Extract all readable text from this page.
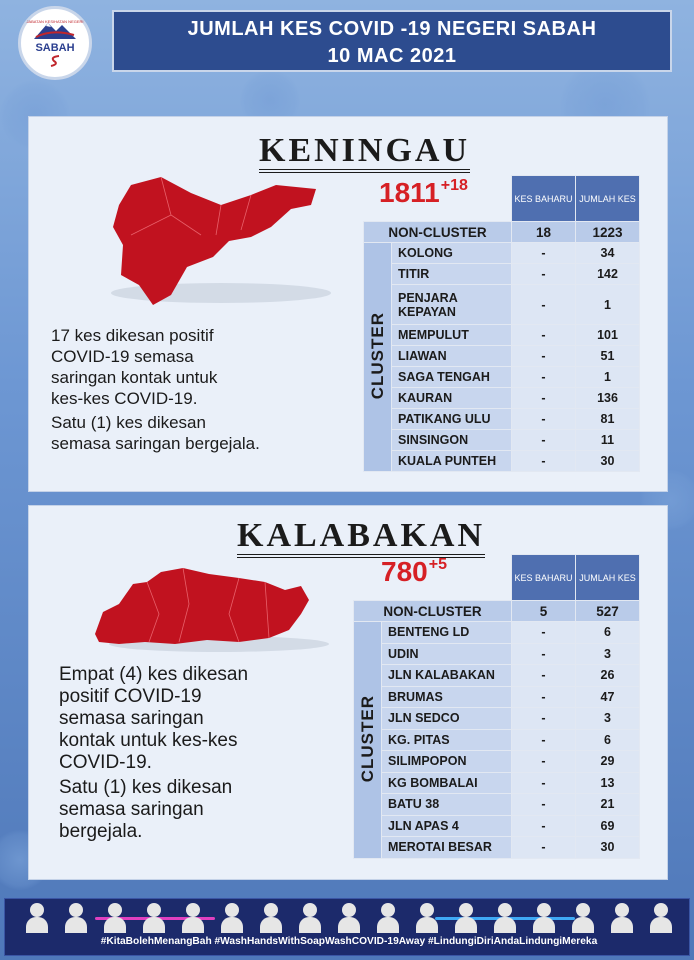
JABATAN KESIHATAN NEGERI
SABAH
JUMLAH KES COVID -19 NEGERI SABAH
10 MAC 2021
KENINGAU
$1811^{+18}$
17 kes dikesan positif
COVID-19 semasa
saringan kontak untuk
kes-kes COVID-19.
Satu (1) kes dikesan
semasa saringan bergejala.
		KES BAHARU	JUMLAH KES
NON-CLUSTER		18	1223
CLUSTER	KOLONG	-	34
	TITIR	-	142
	PENJARA KEPAYAN	-	1
	MEMPULUT	-	101
	LIAWAN	-	51
	SAGA TENGAH	-	1
	KAURAN	-	136
	PATIKANG ULU	-	81
	SINSINGON	-	11
	KUALA PUNTEH	-	30
KALABAKAN
$780^{+5}$
Empat (4) kes dikesan
positif COVID-19
semasa saringan
kontak untuk kes-kes
COVID-19.
Satu (1) kes dikesan
semasa saringan
bergejala.
		KES BAHARU	JUMLAH KES
NON-CLUSTER		5	527
CLUSTER	BENTENG LD	-	6
	UDIN	-	3
	JLN KALABAKAN	-	26
	BRUMAS	-	47
	JLN SEDCO	-	3
	KG. PITAS	-	6
	SILIMPOPON	-	29
	KG BOMBALAI	-	13
	BATU 38	-	21
	JLN APAS 4	-	69
	MEROTAI BESAR	-	30
#KitaBolehMenangBah #WashHandsWithSoapWashCOVID-19Away #LindungiDiriAndaLindungiMereka
